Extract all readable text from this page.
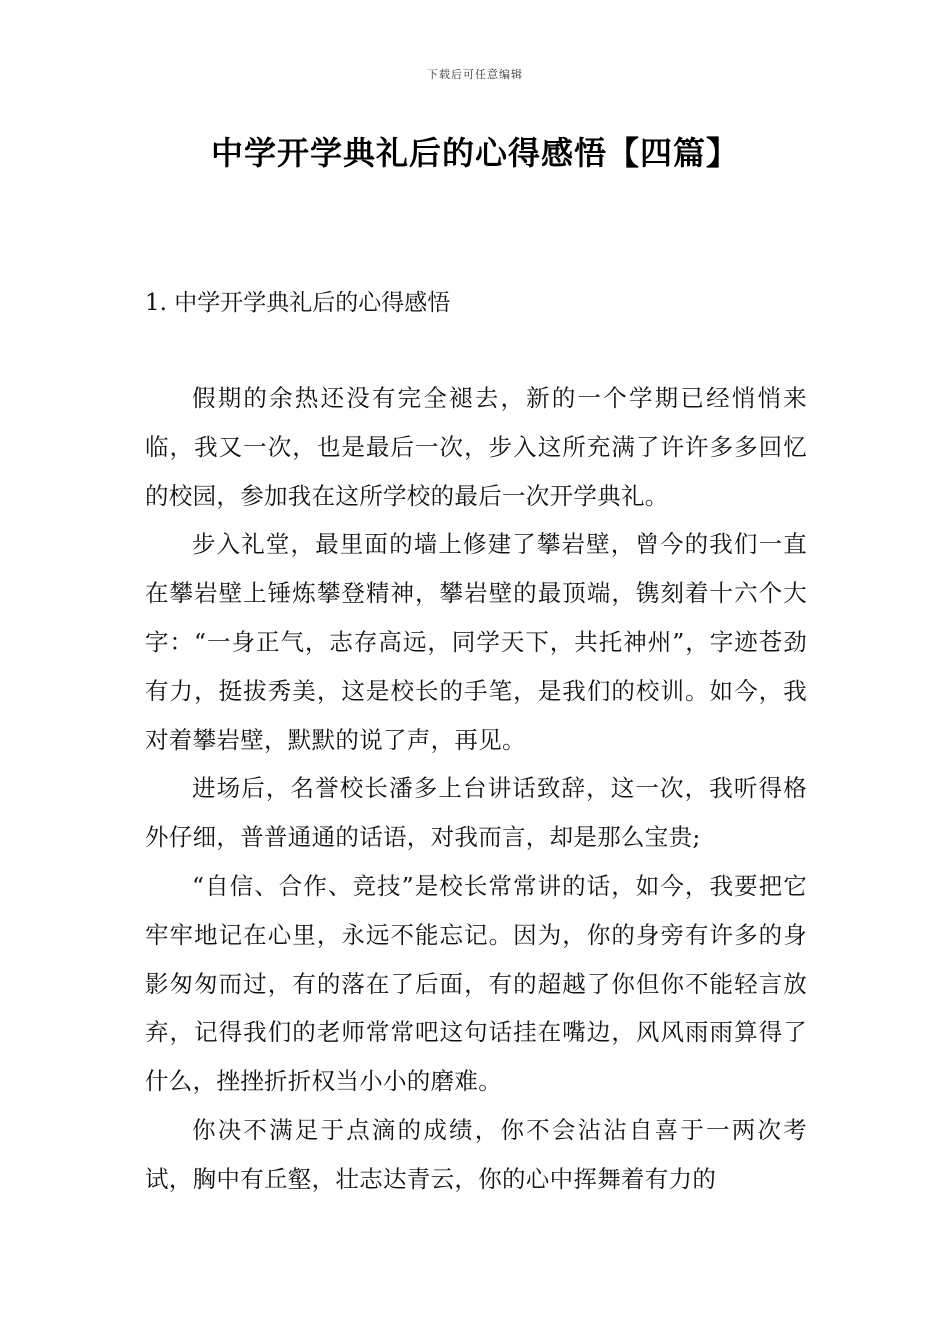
下载后可任意编辑
中学开学典礼后的心得感悟【四篇】
1. 中学开学典礼后的心得感悟

假期的余热还没有完全褪去，新的一个学期已经悄悄来临，我又一次，也是最后一次，步入这所充满了许许多多回忆的校园，参加我在这所学校的最后一次开学典礼。

步入礼堂，最里面的墙上修建了攀岩壁，曾今的我们一直在攀岩壁上锤炼攀登精神，攀岩壁的最顶端，镌刻着十六个大字：“一身正气，志存高远，同学天下，共托神州”，字迹苍劲有力，挺拔秀美，这是校长的手笔，是我们的校训。如今，我对着攀岩壁，默默的说了声，再见。

进场后，名誉校长潘多上台讲话致辞，这一次，我听得格外仔细，普普通通的话语，对我而言，却是那么宝贵;

“自信、合作、竞技”是校长常常讲的话，如今，我要把它牢牢地记在心里，永远不能忘记。因为，你的身旁有许多的身影匆匆而过，有的落在了后面，有的超越了你但你不能轻言放弃，记得我们的老师常常吧这句话挂在嘴边，风风雨雨算得了什么，挫挫折折权当小小的磨难。

你决不满足于点滴的成绩，你不会沾沾自喜于一两次考试，胸中有丘壑，壮志达青云，你的心中挥舞着有力的
